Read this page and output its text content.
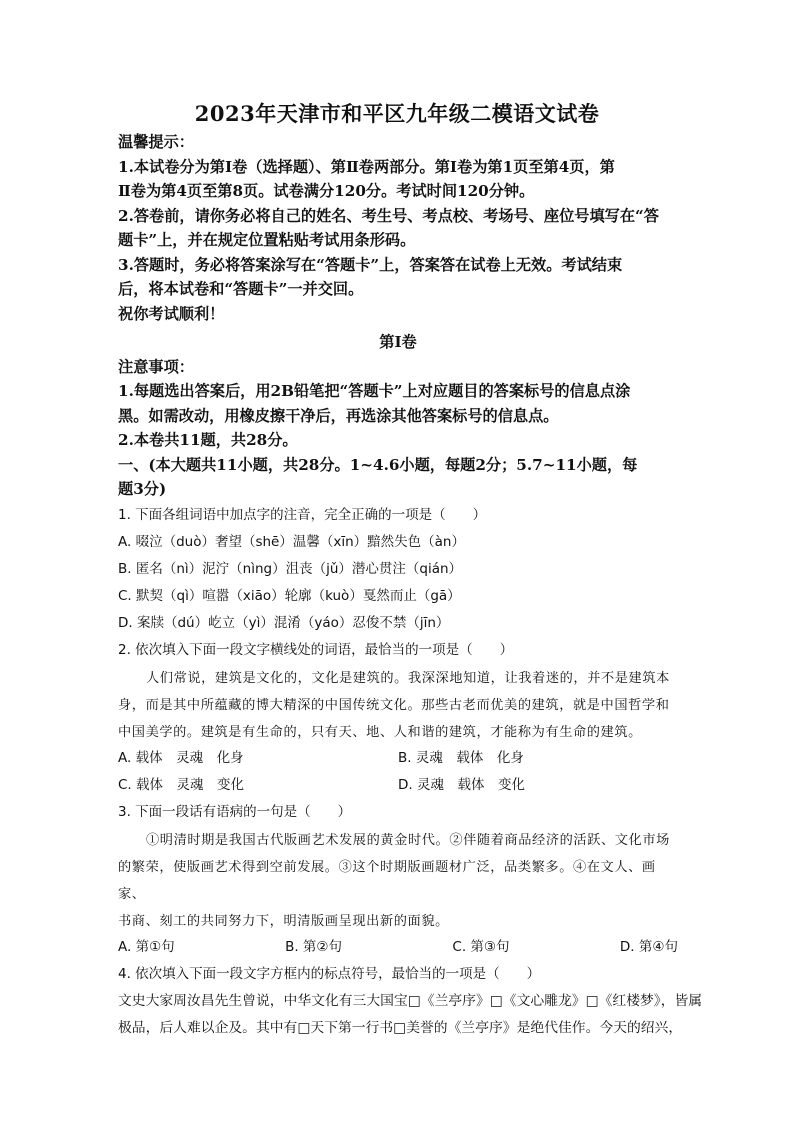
2023年天津市和平区九年级二模语文试卷
温馨提示：
1.本试卷分为第Ⅰ卷（选择题）、第Ⅱ卷两部分。第Ⅰ卷为第1页至第4页，第
Ⅱ卷为第4页至第8页。试卷满分120分。考试时间120分钟。
2.答卷前，请你务必将自己的姓名、考生号、考点校、考场号、座位号填写在“答
题卡”上，并在规定位置粘贴考试用条形码。
3.答题时，务必将答案涂写在“答题卡”上，答案答在试卷上无效。考试结束
后，将本试卷和“答题卡”一并交回。
祝你考试顺利！
第Ⅰ卷
注意事项：
1.每题选出答案后，用2B铅笔把“答题卡”上对应题目的答案标号的信息点涂
黑。如需改动，用橡皮擦干净后，再选涂其他答案标号的信息点。
2.本卷共11题，共28分。
一、(本大题共11小题，共28分。1~4.6小题，每题2分；5.7~11小题，每
题3分)
1. 下面各组词语中加点字的注音，完全正确的一项是（　　）
A. 啜泣（duò）奢望（shē）温馨（xīn）黯然失色（àn）
B. 匿名（nì）泥泞（nìng）沮丧（jǔ）潜心贯注（qián）
C. 默契（qì）喧嚣（xiāo）轮廓（kuò）戛然而止（gā）
D. 案牍（dú）屹立（yì）混淆（yáo）忍俊不禁（jīn）
2. 依次填入下面一段文字横线处的词语，最恰当的一项是（　　）
人们常说，建筑是文化的，文化是建筑的。我深深地知道，让我着迷的，并不是建筑本
身，而是其中所蕴藏的博大精深的中国传统文化。那些古老而优美的建筑，就是中国哲学和
中国美学的。建筑是有生命的，只有天、地、人和谐的建筑，才能称为有生命的建筑。
A. 载体　灵魂　化身	B. 灵魂　载体　化身
C. 载体　灵魂　变化	D. 灵魂　载体　变化
3. 下面一段话有语病的一句是（　　）
①明清时期是我国古代版画艺术发展的黄金时代。②伴随着商品经济的活跃、文化市场
的繁荣，使版画艺术得到空前发展。③这个时期版画题材广泛，品类繁多。④在文人、画家、
书商、刻工的共同努力下，明清版画呈现出新的面貌。
A. 第①句	B. 第②句	C. 第③句	D. 第④句
4. 依次填入下面一段文字方框内的标点符号，最恰当的一项是（　　）
文史大家周汝昌先生曾说，中华文化有三大国宝□《兰亭序》□《文心雕龙》□《红楼梦》，皆属
极品，后人难以企及。其中有□天下第一行书□美誉的《兰亭序》是绝代佳作。今天的绍兴，
